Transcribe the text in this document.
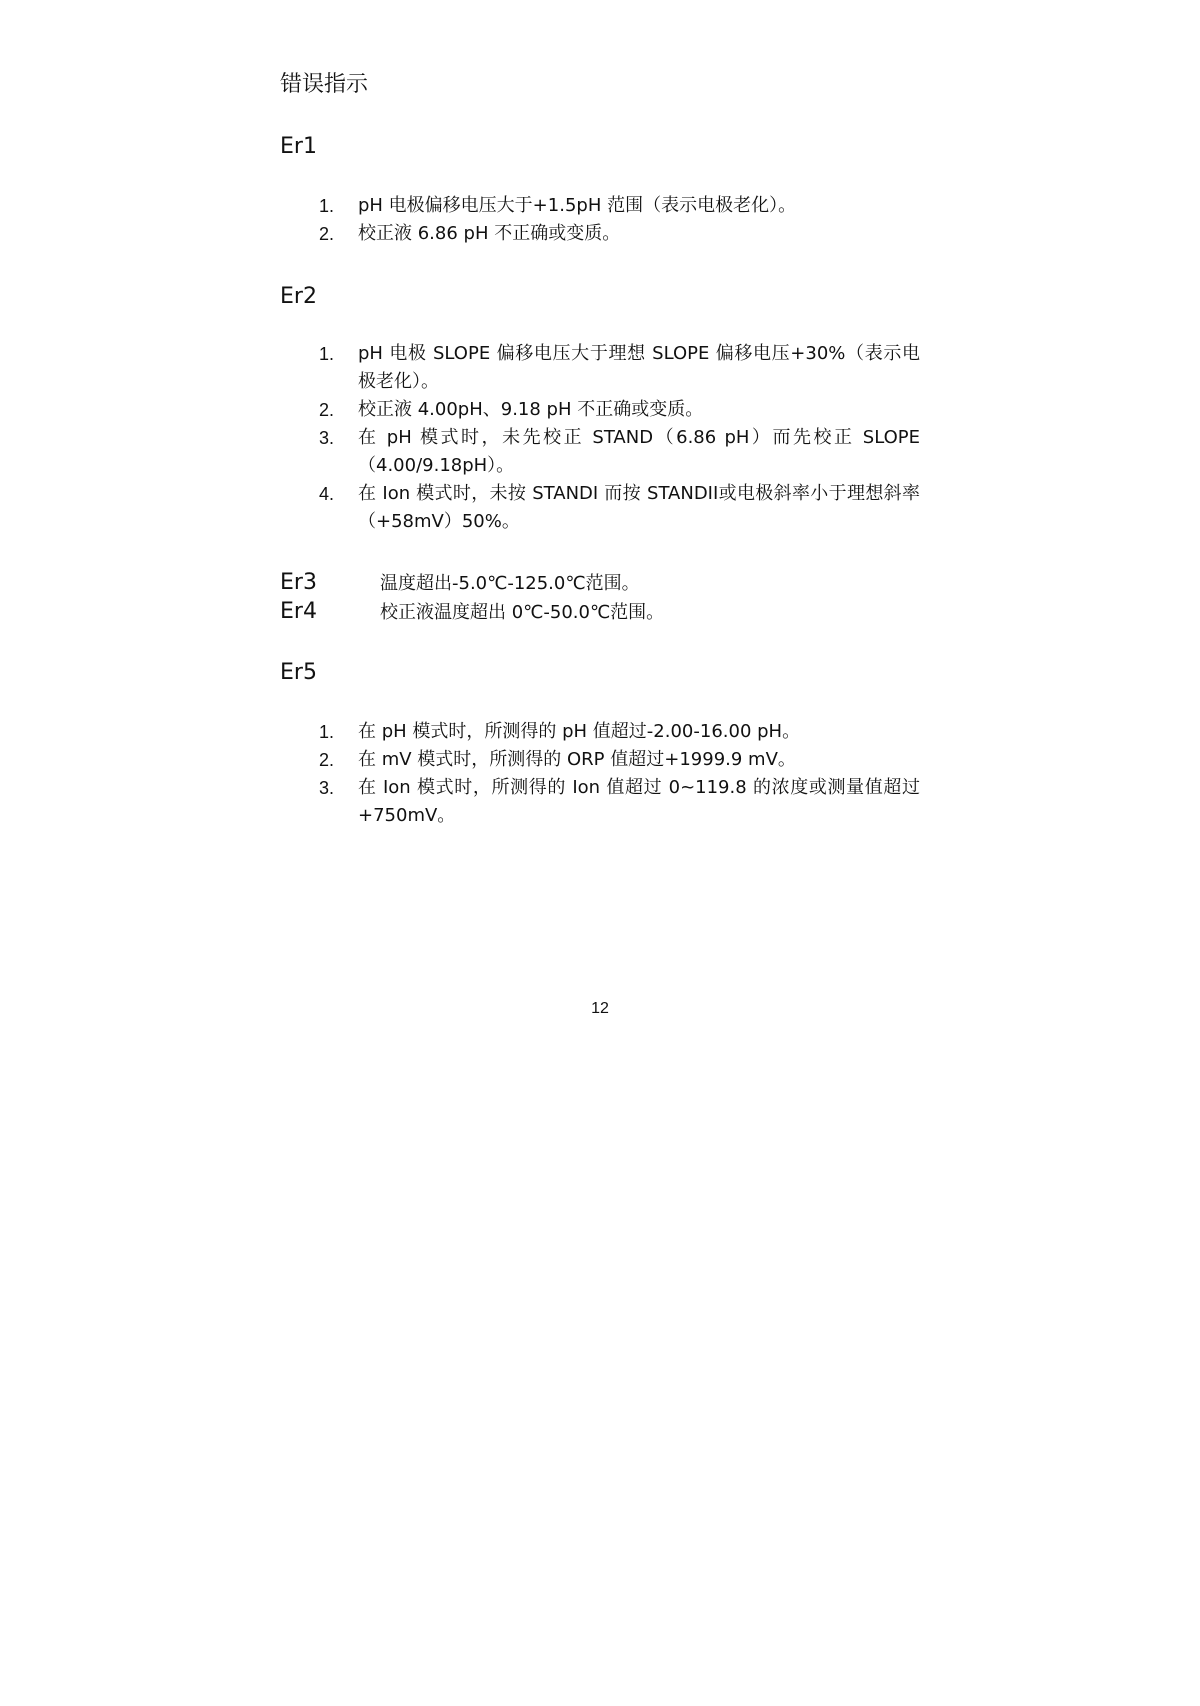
错误指示
Er1
1.	pH 电极偏移电压大于+1.5pH 范围（表示电极老化）。
2.	校正液 6.86 pH 不正确或变质。
Er2
1.	pH 电极 SLOPE 偏移电压大于理想 SLOPE 偏移电压+30%（表示电极老化）。
2.	校正液 4.00pH、9.18 pH 不正确或变质。
3.	在 pH 模式时，未先校正 STAND（6.86 pH）而先校正 SLOPE（4.00/9.18pH）。
4.	在 Ion 模式时，未按 STANDI 而按 STANDII或电极斜率小于理想斜率（+58mV）50%。
Er3	温度超出-5.0℃-125.0℃范围。
Er4	校正液温度超出 0℃-50.0℃范围。
Er5
1.	在 pH 模式时，所测得的 pH 值超过-2.00-16.00 pH。
2.	在 mV 模式时，所测得的 ORP 值超过+1999.9 mV。
3.	在 Ion 模式时，所测得的 Ion 值超过 0~119.8 的浓度或测量值超过+750mV。
12
